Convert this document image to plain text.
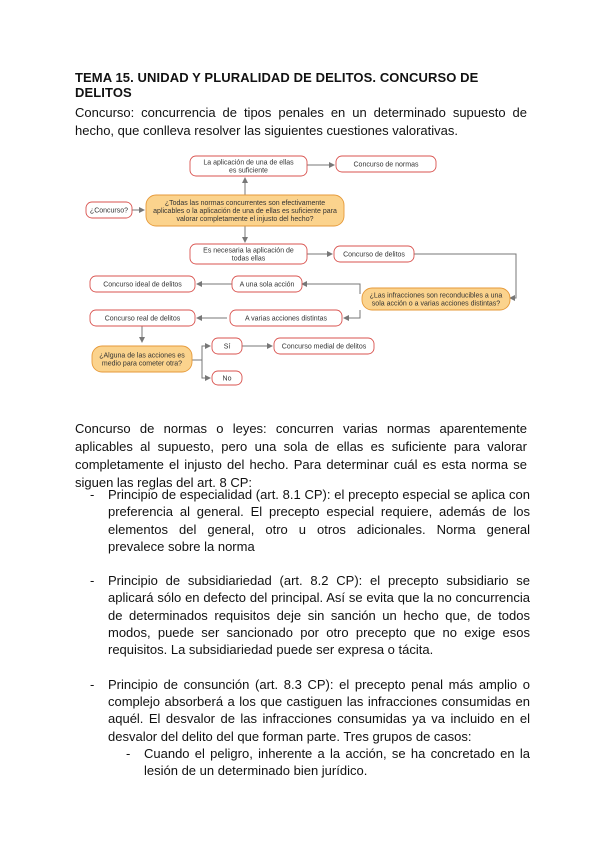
TEMA 15. UNIDAD Y PLURALIDAD DE DELITOS. CONCURSO DE DELITOS
Concurso: concurrencia de tipos penales en un determinado supuesto de hecho, que conlleva resolver las siguientes cuestiones valorativas.
La aplicación de una de ellas
es suficiente
Concurso de normas
¿Concurso?
¿Todas las normas concurrentes son efectivamente
aplicables o la aplicación de una de ellas es suficiente para
valorar completamente el injusto del hecho?
Es necesaria la aplicación de
todas ellas
Concurso de delitos
Concurso ideal de delitos	A una sola acción
¿Las infracciones son reconducibles a una
sola acción o a varias acciones distintas?
Concurso real de delitos	A varias acciones distintas
¿Alguna de las acciones es
medio para cometer otra?
Sí	Concurso medial de delitos
No
Concurso de normas o leyes: concurren varias normas aparentemente aplicables al supuesto, pero una sola de ellas es suficiente para valorar completamente el injusto del hecho. Para determinar cuál es esta norma se siguen las reglas del art. 8 CP:
- Principio de especialidad (art. 8.1 CP): el precepto especial se aplica con preferencia al general. El precepto especial requiere, además de los elementos del general, otro u otros adicionales. Norma general prevalece sobre la norma
- Principio de subsidiariedad (art. 8.2 CP): el precepto subsidiario se aplicará sólo en defecto del principal. Así se evita que la no concurrencia de determinados requisitos deje sin sanción un hecho que, de todos modos, puede ser sancionado por otro precepto que no exige esos requisitos. La subsidiariedad puede ser expresa o tácita.
- Principio de consunción (art. 8.3 CP): el precepto penal más amplio o complejo absorberá a los que castiguen las infracciones consumidas en aquél. El desvalor de las infracciones consumidas ya va incluido en el desvalor del delito del que forman parte. Tres grupos de casos:
- Cuando el peligro, inherente a la acción, se ha concretado en la lesión de un determinado bien jurídico.
